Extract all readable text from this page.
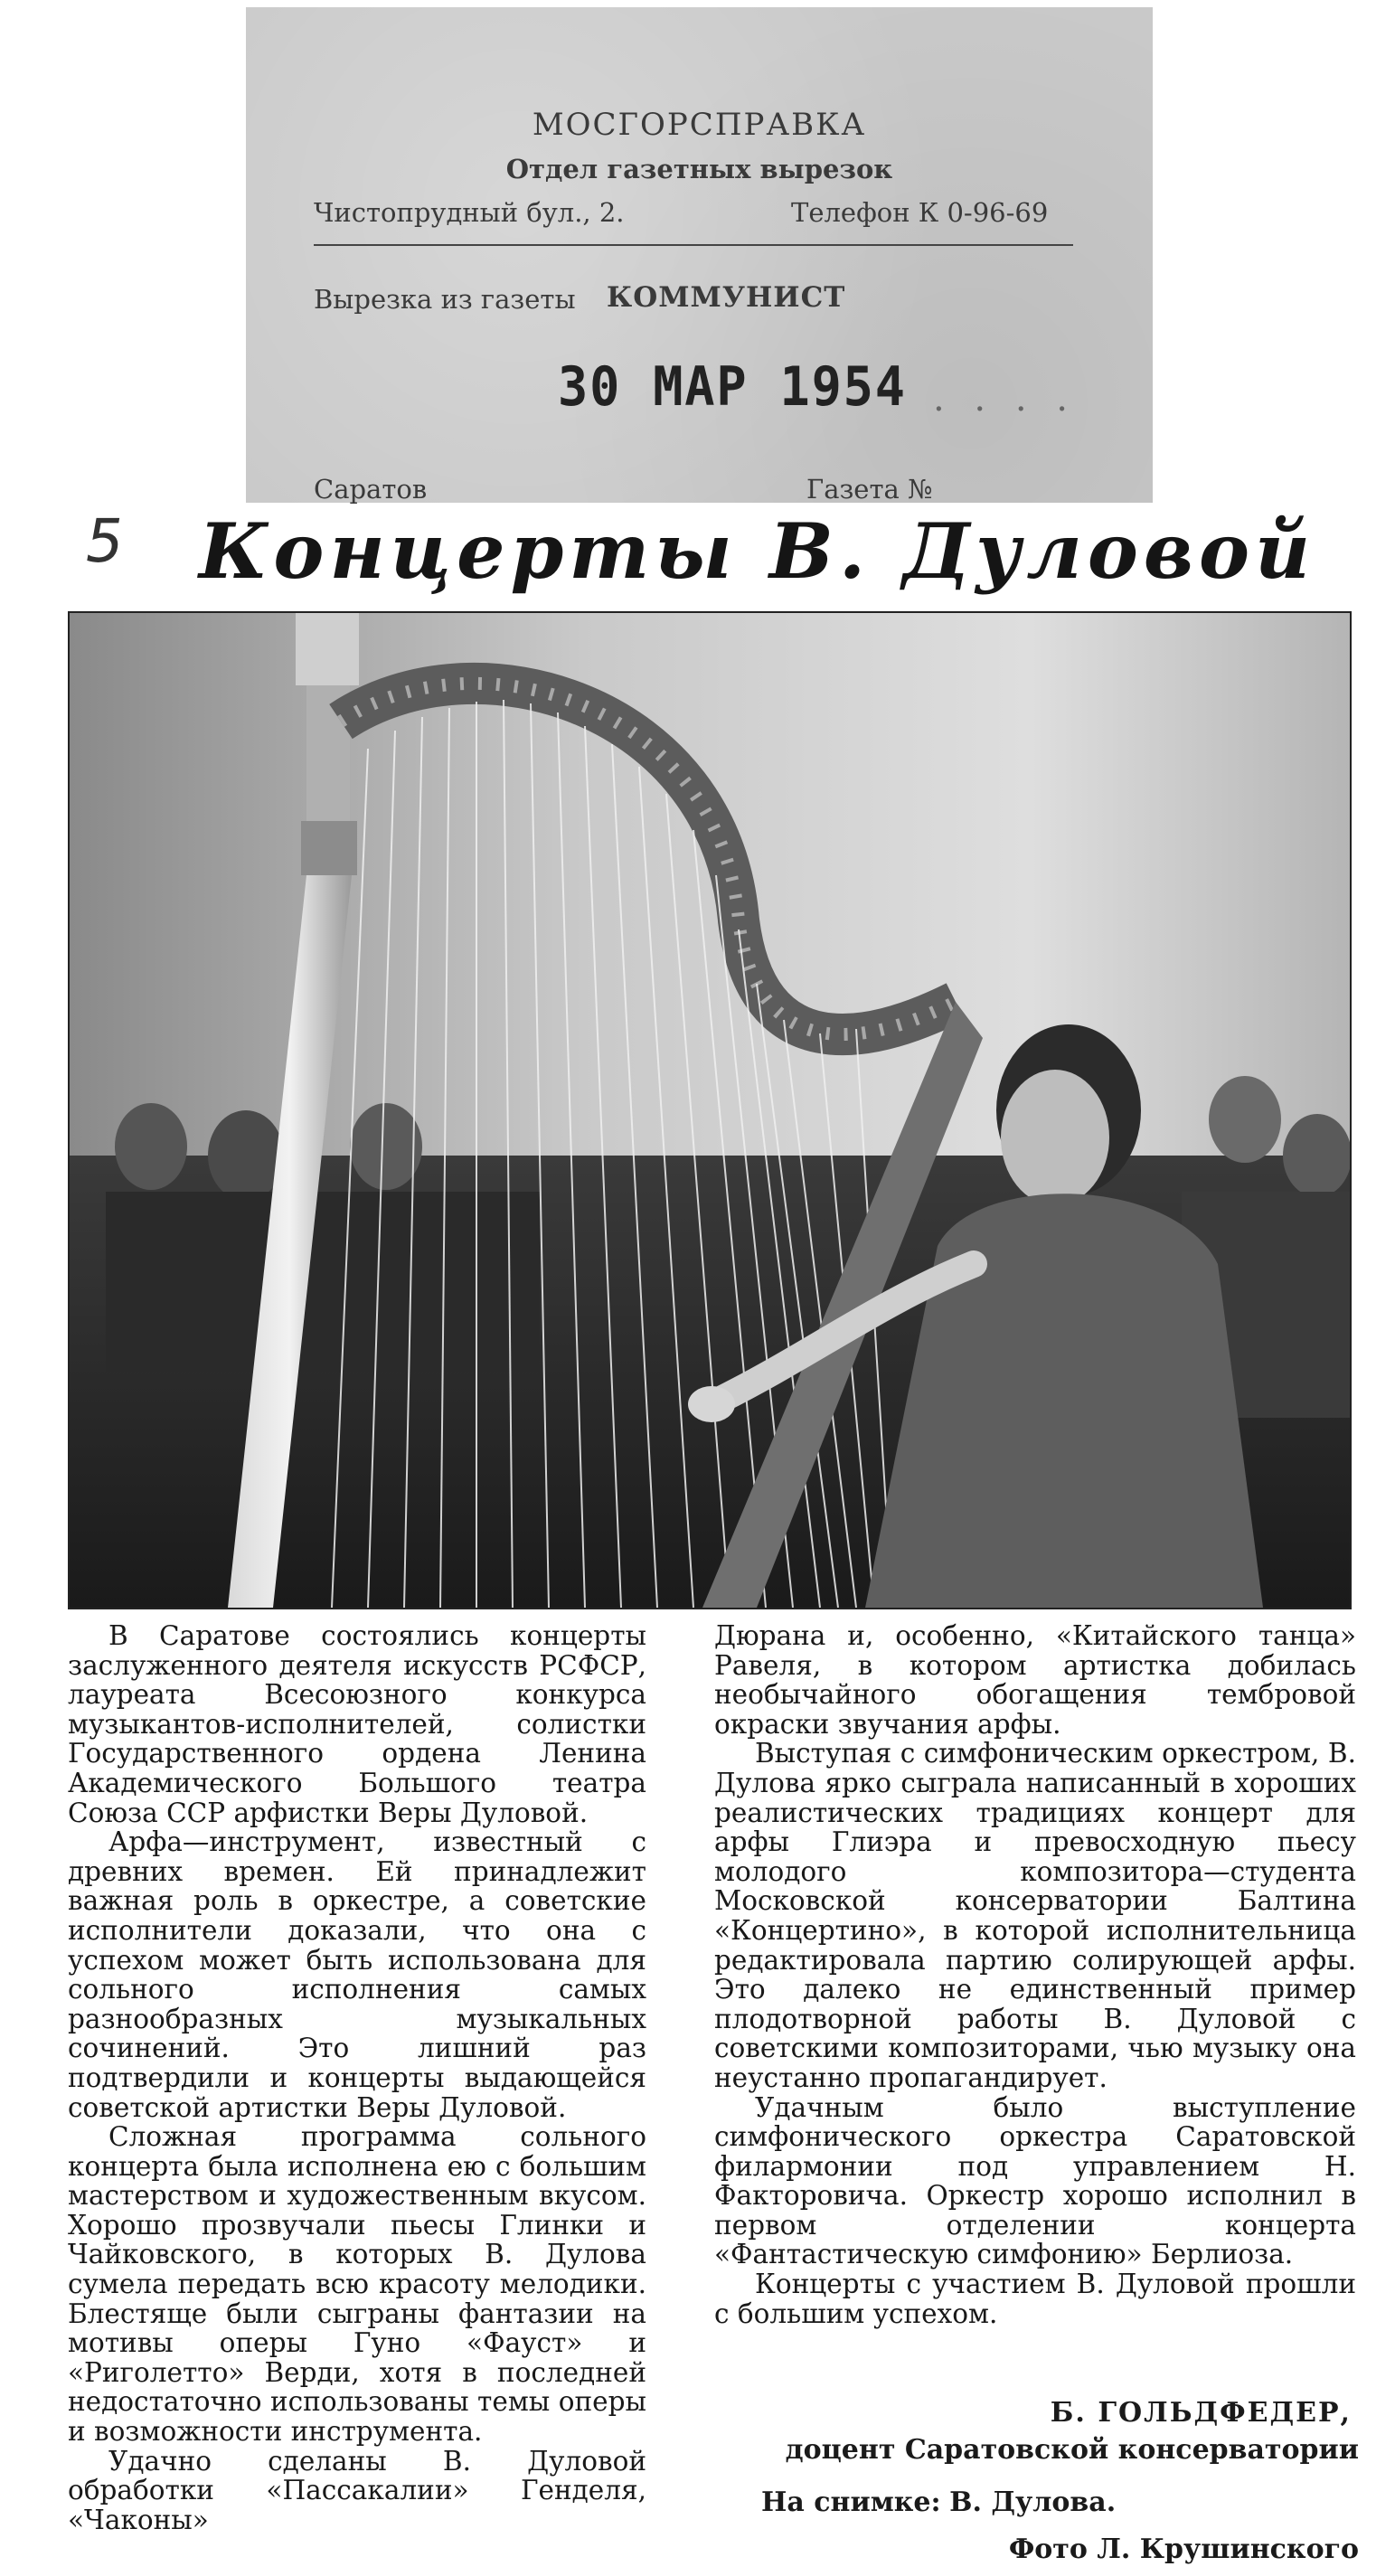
МОСГОРСПРАВКА
Отдел газетных вырезок
Чистопрудный бул., 2.	Телефон К 0-96-69
Вырезка из газеты КОММУНИСТ
30 МАР 1954 . . . .
Саратов	Газета №
5 Концерты В. Дуловой

В Саратове состоялись концерты заслуженного деятеля искусств РСФСР, лауреата Всесоюзного конкурса музыкантов-исполнителей, солистки Государственного ордена Ленина Академического Большого театра Союза ССР арфистки Веры Дуловой.

Арфа—инструмент, известный с древних времен. Ей принадлежит важная роль в оркестре, а советские исполнители доказали, что она с успехом может быть использована для сольного исполнения самых разнообразных музыкальных сочинений. Это лишний раз подтвердили и концерты выдающейся советской артистки Веры Дуловой.

Сложная программа сольного концерта была исполнена ею с большим мастерством и художественным вкусом. Хорошо прозвучали пьесы Глинки и Чайковского, в которых В. Дулова сумела передать всю красоту мелодики. Блестяще были сыграны фантазии на мотивы оперы Гуно «Фауст» и «Риголетто» Верди, хотя в последней недостаточно использованы темы оперы и возможности инструмента.

Удачно сделаны В. Дуловой обработки «Пассакалии» Генделя, «Чаконы»

Дюрана и, особенно, «Китайского танца» Равеля, в котором артистка добилась необычайного обогащения тембровой окраски звучания арфы.

Выступая с симфоническим оркестром, В. Дулова ярко сыграла написанный в хороших реалистических традициях концерт для арфы Глиэра и превосходную пьесу молодого композитора—студента Московской консерватории Балтина «Концертино», в которой исполнительница редактировала партию солирующей арфы. Это далеко не единственный пример плодотворной работы В. Дуловой с советскими композиторами, чью музыку она неустанно пропагандирует.

Удачным было выступление симфонического оркестра Саратовской филармонии под управлением Н. Факторовича. Оркестр хорошо исполнил в первом отделении концерта «Фантастическую симфонию» Берлиоза.

Концерты с участием В. Дуловой прошли с большим успехом.

Б. ГОЛЬДФЕДЕР,
доцент Саратовской консерватории
На снимке: В. Дулова.
Фото Л. Крушинского
